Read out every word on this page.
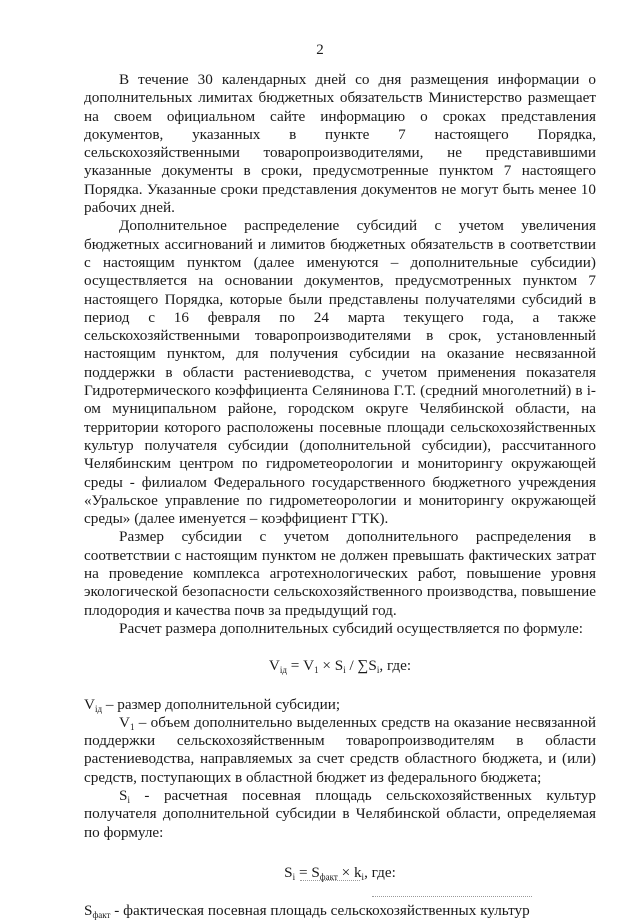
2

В течение 30 календарных дней со дня размещения информации о дополнительных лимитах бюджетных обязательств Министерство размещает на своем официальном сайте информацию о сроках представления документов, указанных в пункте 7 настоящего Порядка, сельскохозяйственными товаропроизводителями, не представившими указанные документы в сроки, предусмотренные пунктом 7 настоящего Порядка. Указанные сроки представления документов не могут быть менее 10 рабочих дней.

Дополнительное распределение субсидий с учетом увеличения бюджетных ассигнований и лимитов бюджетных обязательств в соответствии с настоящим пунктом (далее именуются – дополнительные субсидии) осуществляется на основании документов, предусмотренных пунктом 7 настоящего Порядка, которые были представлены получателями субсидий в период с 16 февраля по 24 марта текущего года, а также сельскохозяйственными товаропроизводителями в срок, установленный настоящим пунктом, для получения субсидии на оказание несвязанной поддержки в области растениеводства, с учетом применения показателя Гидротермического коэффициента Селянинова Г.Т. (средний многолетний) в i-ом муниципальном районе, городском округе Челябинской области, на территории которого расположены посевные площади сельскохозяйственных культур получателя субсидии (дополнительной субсидии), рассчитанного Челябинским центром по гидрометеорологии и мониторингу окружающей среды - филиалом Федерального государственного бюджетного учреждения «Уральское управление по гидрометеорологии и мониторингу окружающей среды» (далее именуется – коэффициент ГТК).

Размер субсидии с учетом дополнительного распределения в соответствии с настоящим пунктом не должен превышать фактических затрат на проведение комплекса агротехнологических работ, повышение уровня экологической безопасности сельскохозяйственного производства, повышение плодородия и качества почв за предыдущий год.

Расчет размера дополнительных субсидий осуществляется по формуле:

$V_{iд} = V_1 \times S_i / \sum S_i$, где:

$V_{iд}$ – размер дополнительной субсидии;

$V_1$ – объем дополнительно выделенных средств на оказание несвязанной поддержки сельскохозяйственным товаропроизводителям в области растениеводства, направляемых за счет средств областного бюджета, и (или) средств, поступающих в областной бюджет из федерального бюджета;

$S_i$ - расчетная посевная площадь сельскохозяйственных культур получателя дополнительной субсидии в Челябинской области, определяемая по формуле:

$S_i = S_{факт} \times k_i$, где:

$S_{факт}$ - фактическая посевная площадь сельскохозяйственных культур
